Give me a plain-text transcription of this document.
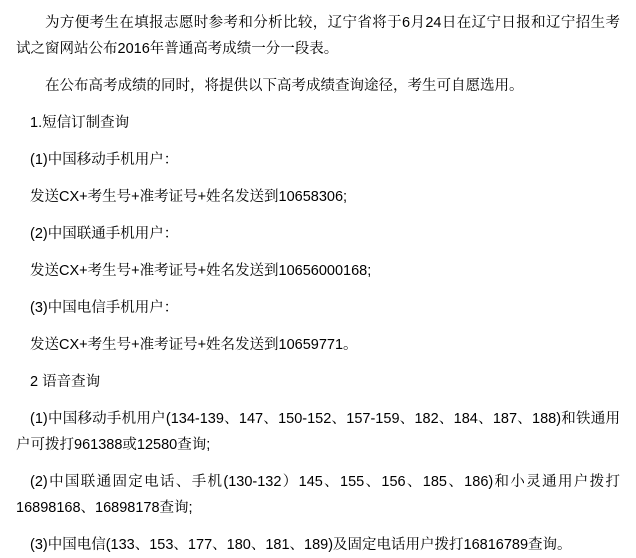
为方便考生在填报志愿时参考和分析比较，辽宁省将于6月24日在辽宁日报和辽宁招生考试之窗网站公布2016年普通高考成绩一分一段表。

在公布高考成绩的同时，将提供以下高考成绩查询途径，考生可自愿选用。

1.短信订制查询

(1)中国移动手机用户：

发送CX+考生号+准考证号+姓名发送到10658306;

(2)中国联通手机用户：

发送CX+考生号+准考证号+姓名发送到10656000168;

(3)中国电信手机用户：

发送CX+考生号+准考证号+姓名发送到10659771。

2 语音查询

(1)中国移动手机用户(134-139、147、150-152、157-159、182、184、187、188)和铁通用户可拨打961388或12580查询;

(2)中国联通固定电话、手机(130-132）145、155、156、185、186)和小灵通用户拨打16898168、16898178查询;

(3)中国电信(133、153、177、180、181、189)及固定电话用户拨打16816789查询。
